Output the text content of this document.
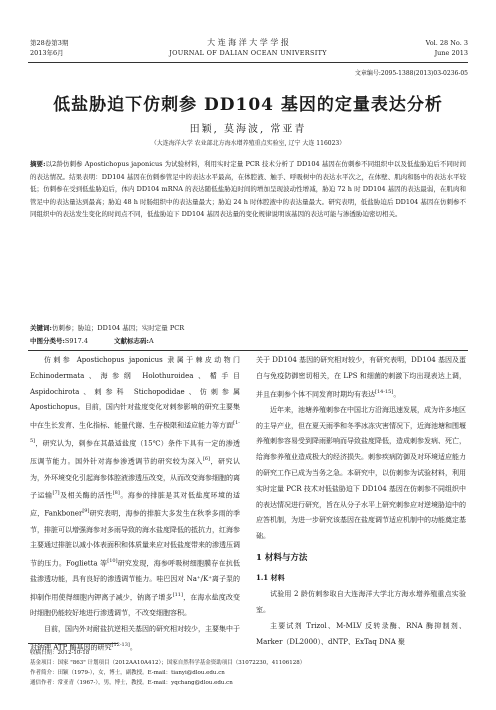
第28卷第3期
2013年6月
大 连 海 洋 大 学 学 报
JOURNAL OF DALIAN OCEAN UNIVERSITY
Vol. 28 No. 3
June 2013
文章编号:2095-1388(2013)03-0236-05
低盐胁迫下仿刺参 DD104 基因的定量表达分析
田颖, 莫海波, 常亚青
（大连海洋大学 农业部北方海水增养殖重点实验室, 辽宁 大连 116023）
摘要:以2龄仿刺参 Apostichopus japonicus 为试验材料，利用实时定量 PCR 技术分析了 DD104 基因在仿刺参不同组织中以及低盐胁迫后不同时间的表达情况。结果表明：DD104 基因在仿刺参管足中的表达水平最高，在体腔液、触手、呼吸树中的表达水平次之，在体壁、肌肉和肠中的表达水平较低；仿刺参在受到低盐胁迫后，体内 DD104 mRNA 的表达随低盐胁迫时间的增加呈现波动性增减，胁迫 72 h 时 DD104 基因的表达最弱，在肌肉和管足中的表达量达到最高；胁迫 48 h 时肠组织中的表达量最大；胁迫 24 h 时体腔液中的表达量最大。研究表明，低盐胁迫后 DD104 基因在仿刺参不同组织中的表达发生变化的时间点不同，低盐胁迫下 DD104 基因表达量的变化规律说明该基因的表达可能与渗透胁迫密切相关。
关键词:仿刺参；胁迫；DD104 基因；实时定量 PCR
中图分类号:S917.4	文献标志码:A

仿刺参 Apostichopus japonicus 隶属于棘皮动物门 Echinodermata、海参纲 Holothuroidea、楯手目 Aspidochirota、刺参科 Stichopodidae、仿刺参属 Apostichopus。目前，国内针对盐度变化对刺参影响的研究主要集中在生长发育、生化指标、能量代谢、生存极限和适应能力等方面[1-5]，研究认为，刺参在其最适盐度（15℃）条件下具有一定的渗透压调节能力。国外针对海参渗透调节的研究较为深入[6]，研究认为，外环境变化引起海参体腔液渗透压改变，从而改变海参细胞的离子运输[7]及相关酶的活性[8]。海参的排脏是其对低盐度环境的适应，Fankboner[9]研究表明，海参的排脏大多发生在秋季多雨的季节，排脏可以增强海参对多雨导致的海水盐度降低的抵抗力，红海参主要通过排脏以减小体表面积和体质量来应对低盐度带来的渗透压调节的压力。Foglietta 等[10]研究发现，海参呼吸树细胞膜存在抗低盐渗透功能，具有良好的渗透调节能力。哇巴因对 Na⁺/K⁺离子泵的抑制作用使得细胞内钾离子减少，钠离子增多[11]，在海水盐度改变时细胞仍能较好地进行渗透调节，不改变细胞容积。

目前，国内外对耐盐抗逆相关基因的研究相对较少，主要集中于对钠钾 ATP 酶基因的研究[12-13]。

关于 DD104 基因的研究相对较少，有研究表明，DD104 基因及蛋白与免疫防御密切相关，在 LPS 和细菌的刺激下均出现表达上调，并且在刺参个体不同发育时期均有表达[14-15]。

近年来，池塘养殖刺参在中国北方沿海迅速发展，成为许多地区的主导产业，但在夏天雨季和冬季冰冻灾害情况下，近海池塘和围堰养殖刺参容易受到降雨影响而导致盐度降低，造成刺参发病、死亡，给海参养殖业造成极大的经济损失。刺参疾病防御及对环境适应能力的研究工作已成为当务之急。本研究中，以仿刺参为试验材料，利用实时定量 PCR 技术对低盐胁迫下 DD104 基因在仿刺参不同组织中的表达情况进行研究，旨在从分子水平上研究刺参应对逆境胁迫中的应答机制，为进一步研究该基因在盐度调节适应机制中的功能奠定基础。

1 材料与方法
1.1 材料

试验用 2 龄仿刺参取自大连海洋大学北方海水增养殖重点实验室。

主要试剂 Trizol、M-MLV 反转录酶、RNA 酶抑制剂、Marker（DL2000）、dNTP、ExTaq DNA 聚

收稿日期：2012-10-18
基金项目：国家 "863" 计划项目（2012AA10A412）；国家自然科学基金资助项目（31072230，41106128）
作者简介：田颖（1979-），女，博士，副教授。E-mail：tianyi@dlou.edu.cn
通信作者：常亚青（1967-），男，博士，教授。E-mail：yqchang@dlou.edu.cn
